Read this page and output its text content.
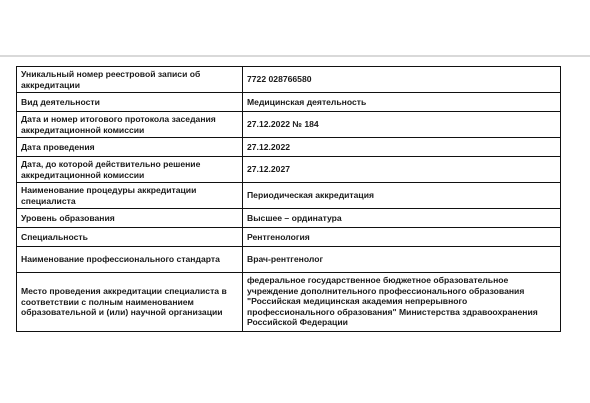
Уникальный номер реестровой записи об аккредитации	7722 028766580
Вид деятельности	Медицинская деятельность
Дата и номер итогового протокола заседания аккредитационной комиссии	27.12.2022 № 184
Дата проведения	27.12.2022
Дата, до которой действительно решение аккредитационной комиссии	27.12.2027
Наименование процедуры аккредитации специалиста	Периодическая аккредитация
Уровень образования	Высшее – ординатура
Специальность	Рентгенология
Наименование профессионального стандарта	Врач-рентгенолог
Место проведения аккредитации специалиста в соответствии с полным наименованием образовательной и (или) научной организации	федеральное государственное бюджетное образовательное учреждение дополнительного профессионального образования "Российская медицинская академия непрерывного профессионального образования" Министерства здравоохранения Российской Федерации
